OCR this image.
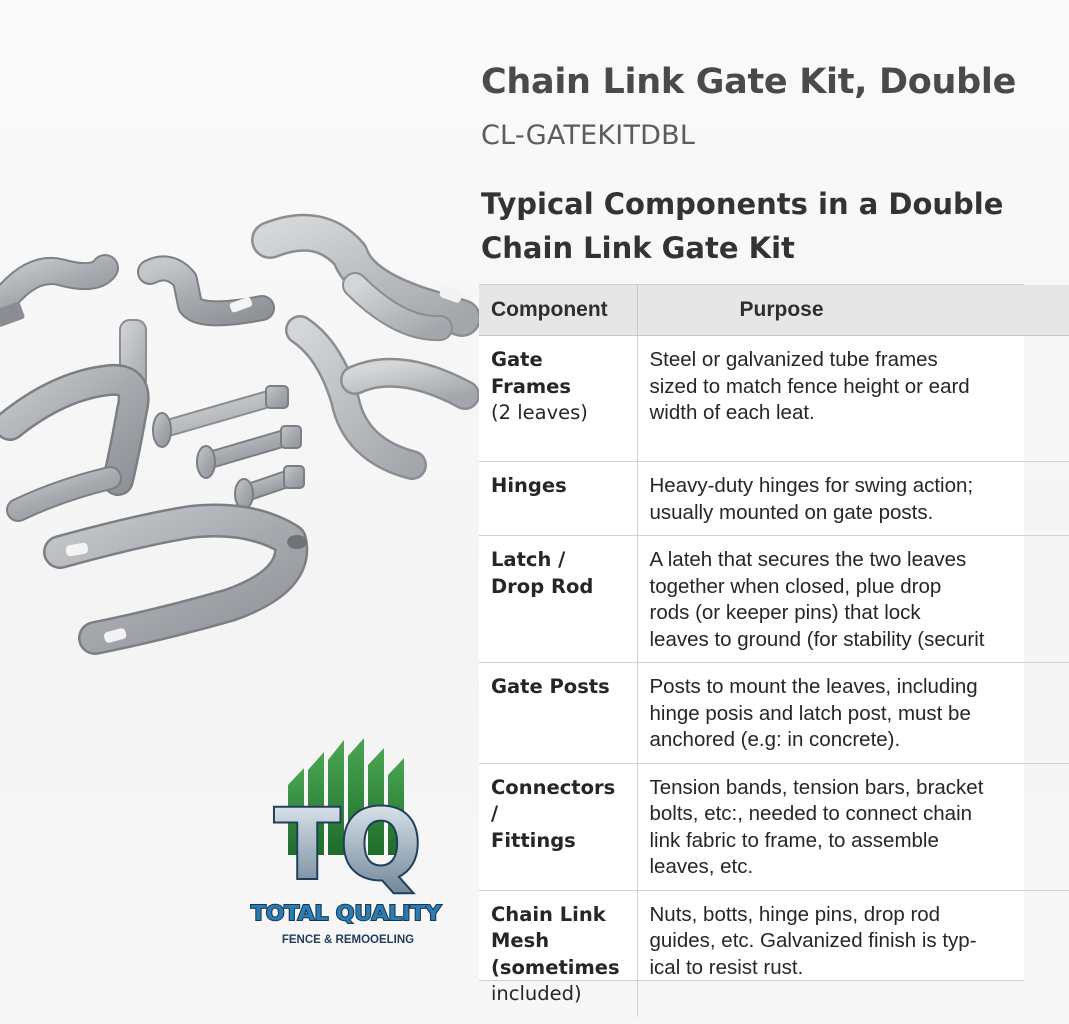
Chain Link Gate Kit, Double
CL-GATEKITDBL
Typical Components in a Double
Chain Link Gate Kit
TQ
TOTAL QUALITY
FENCE & REMOOELING
Component	Purpose
Gate Frames
(2 leaves)	Steel or galvanized tube frames
sized to match fence height or eard
width of each leat.

Hinges	Heavy-duty hinges for swing action;
usually mounted on gate posts.

Latch /
Drop Rod	A lateh that secures the two leaves
together when closed, plue drop
rods (or keeper pins) that lock
leaves to ground (for stability (securit

Gate Posts	Posts to mount the leaves, including
hinge posis and latch post, must be
anchored (e.g: in concrete).

Connectors /
Fittings	Tension bands, tension bars, bracket
bolts, etc:, needed to connect chain
link fabric to frame, to assemble
leaves, etc.

Chain Link
Mesh
(sometimes
included)	Nuts, botts, hinge pins, drop rod
guides, etc. Galvanized finish is typ-
ical to resist rust.
